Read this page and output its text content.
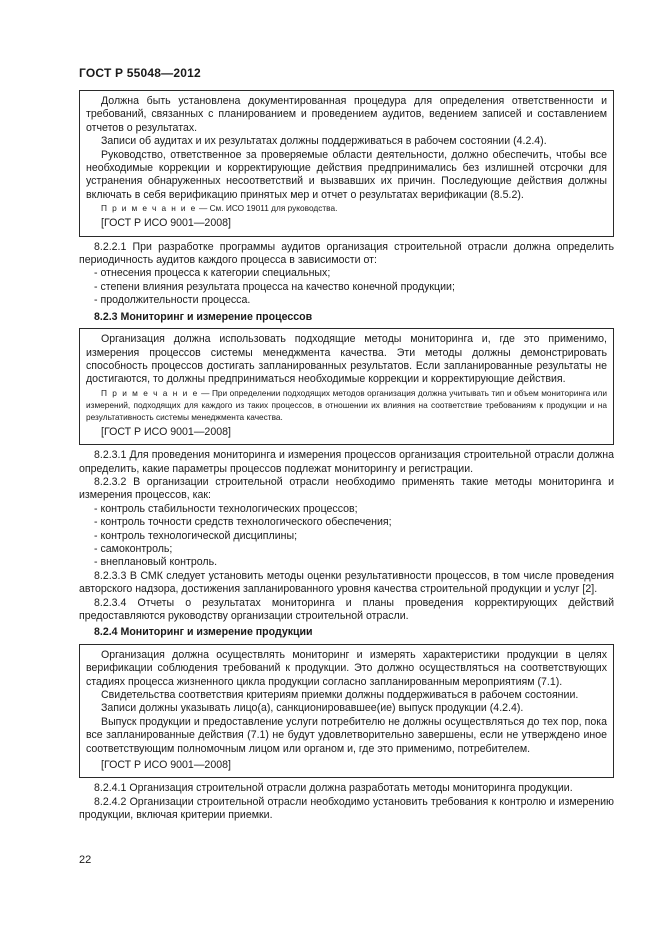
ГОСТ Р 55048—2012

Должна быть установлена документированная процедура для определения ответственности и требований, связанных с планированием и проведением аудитов, ведением записей и составлением отчетов о результатах.

Записи об аудитах и их результатах должны поддерживаться в рабочем состоянии (4.2.4).

Руководство, ответственное за проверяемые области деятельности, должно обеспечить, чтобы все необходимые коррекции и корректирующие действия предпринимались без излишней отсрочки для устранения обнаруженных несоответствий и вызвавших их причин. Последующие действия должны включать в себя верификацию принятых мер и отчет о результатах верификации (8.5.2).

П р и м е ч а н и е — См. ИСО 19011 для руководства.

[ГОСТ Р ИСО 9001—2008]

8.2.2.1 При разработке программы аудитов организация строительной отрасли должна определить периодичность аудитов каждого процесса в зависимости от:

- отнесения процесса к категории специальных;
- степени влияния результата процесса на качество конечной продукции;
- продолжительности процесса.

8.2.3 Мониторинг и измерение процессов

Организация должна использовать подходящие методы мониторинга и, где это применимо, измерения процессов системы менеджмента качества. Эти методы должны демонстрировать способность процессов достигать запланированных результатов. Если запланированные результаты не достигаются, то должны предприниматься необходимые коррекции и корректирующие действия.

П р и м е ч а н и е — При определении подходящих методов организация должна учитывать тип и объем мониторинга или измерений, подходящих для каждого из таких процессов, в отношении их влияния на соответствие требованиям к продукции и на результативность системы менеджмента качества.

[ГОСТ Р ИСО 9001—2008]

8.2.3.1 Для проведения мониторинга и измерения процессов организация строительной отрасли должна определить, какие параметры процессов подлежат мониторингу и регистрации.

8.2.3.2 В организации строительной отрасли необходимо применять такие методы мониторинга и измерения процессов, как:

- контроль стабильности технологических процессов;
- контроль точности средств технологического обеспечения;
- контроль технологической дисциплины;
- самоконтроль;
- внеплановый контроль.

8.2.3.3 В СМК следует установить методы оценки результативности процессов, в том числе проведения авторского надзора, достижения запланированного уровня качества строительной продукции и услуг [2].

8.2.3.4 Отчеты о результатах мониторинга и планы проведения корректирующих действий предоставляются руководству организации строительной отрасли.

8.2.4 Мониторинг и измерение продукции

Организация должна осуществлять мониторинг и измерять характеристики продукции в целях верификации соблюдения требований к продукции. Это должно осуществляться на соответствующих стадиях процесса жизненного цикла продукции согласно запланированным мероприятиям (7.1).

Свидетельства соответствия критериям приемки должны поддерживаться в рабочем состоянии.

Записи должны указывать лицо(а), санкционировавшее(ие) выпуск продукции (4.2.4).

Выпуск продукции и предоставление услуги потребителю не должны осуществляться до тех пор, пока все запланированные действия (7.1) не будут удовлетворительно завершены, если не утверждено иное соответствующим полномочным лицом или органом и, где это применимо, потребителем.

[ГОСТ Р ИСО 9001—2008]

8.2.4.1 Организация строительной отрасли должна разработать методы мониторинга продукции.

8.2.4.2 Организации строительной отрасли необходимо установить требования к контролю и измерению продукции, включая критерии приемки.

22
